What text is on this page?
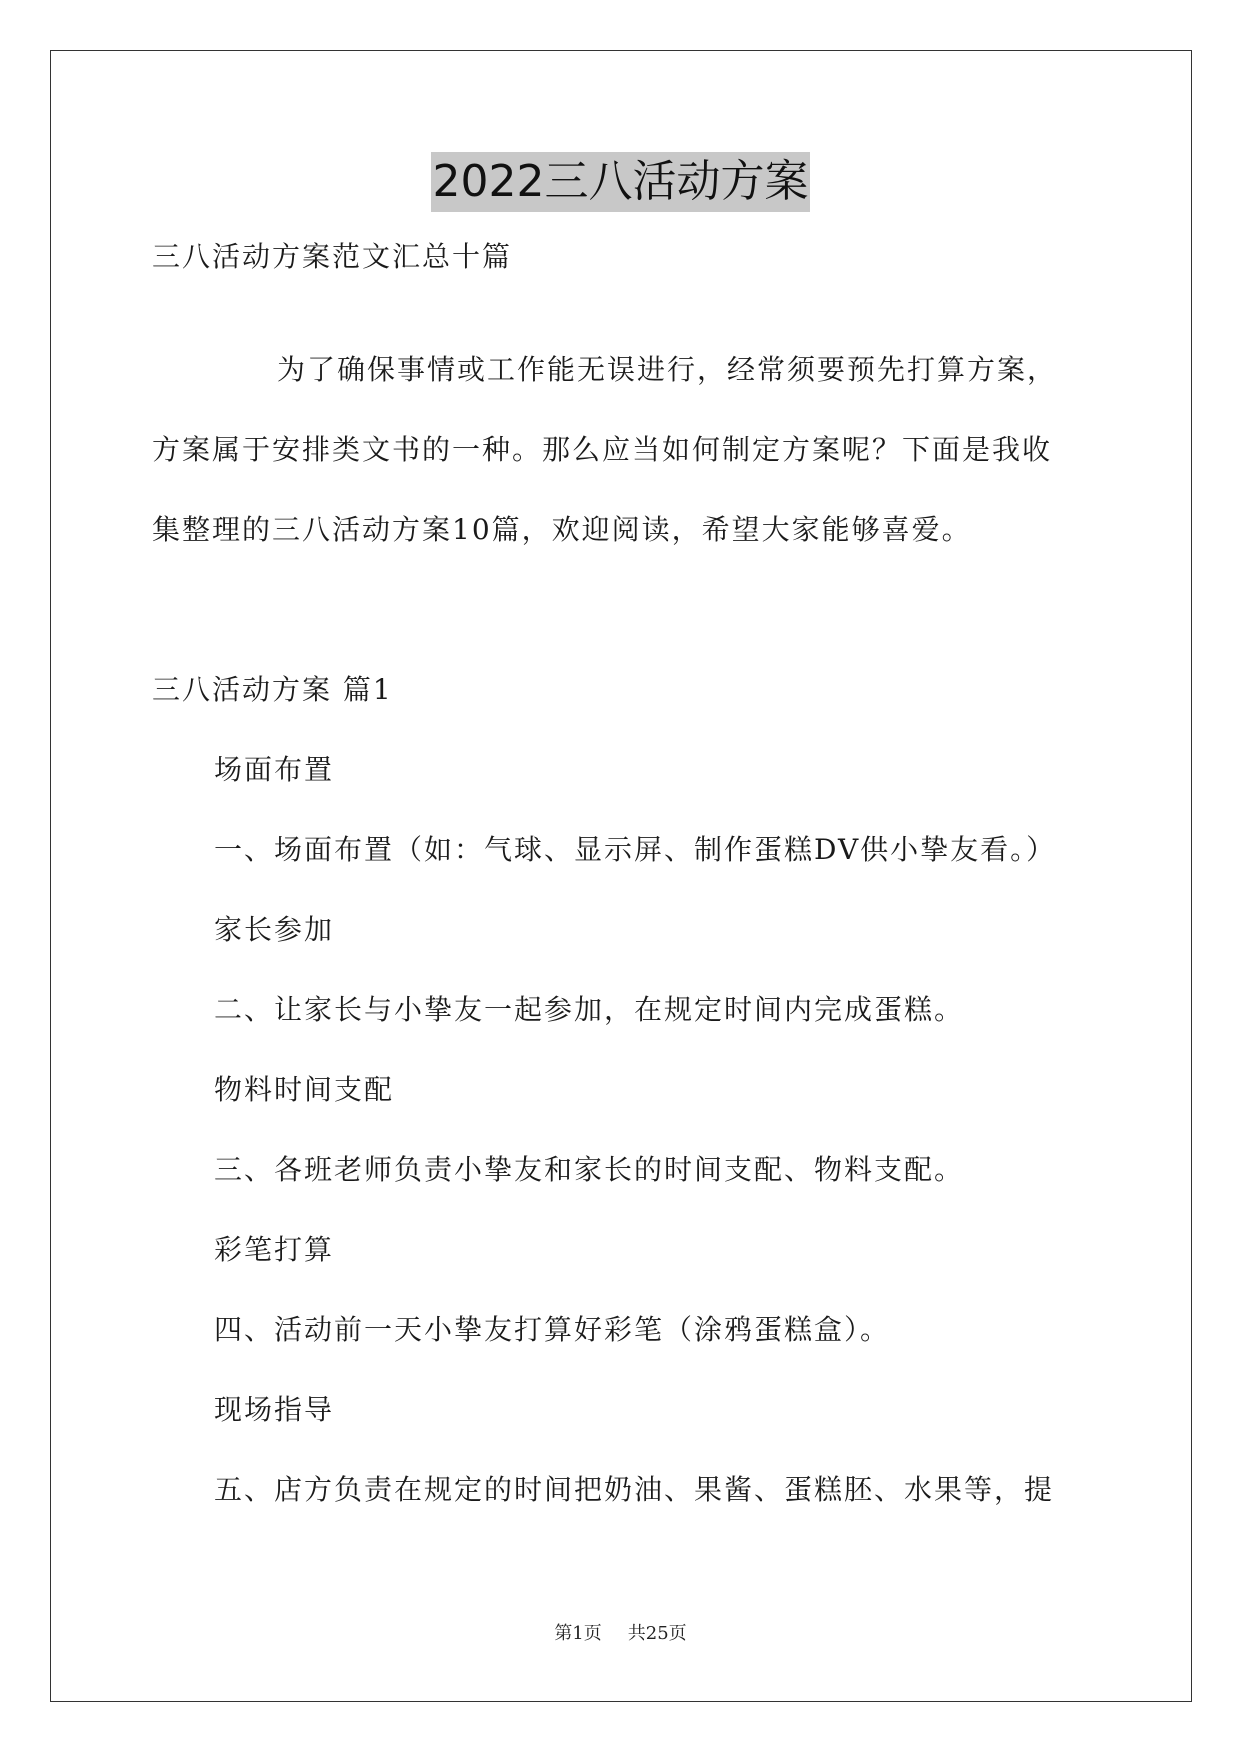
2022三八活动方案
三八活动方案范文汇总十篇
为了确保事情或工作能无误进行，经常须要预先打算方案，
方案属于安排类文书的一种。那么应当如何制定方案呢？下面是我收
集整理的三八活动方案10篇，欢迎阅读，希望大家能够喜爱。
三八活动方案 篇1
场面布置
一、场面布置（如：气球、显示屏、制作蛋糕DV供小挚友看。）
家长参加
二、让家长与小挚友一起参加，在规定时间内完成蛋糕。
物料时间支配
三、各班老师负责小挚友和家长的时间支配、物料支配。
彩笔打算
四、活动前一天小挚友打算好彩笔（涂鸦蛋糕盒）。
现场指导
五、店方负责在规定的时间把奶油、果酱、蛋糕胚、水果等，提
第1页 共25页
